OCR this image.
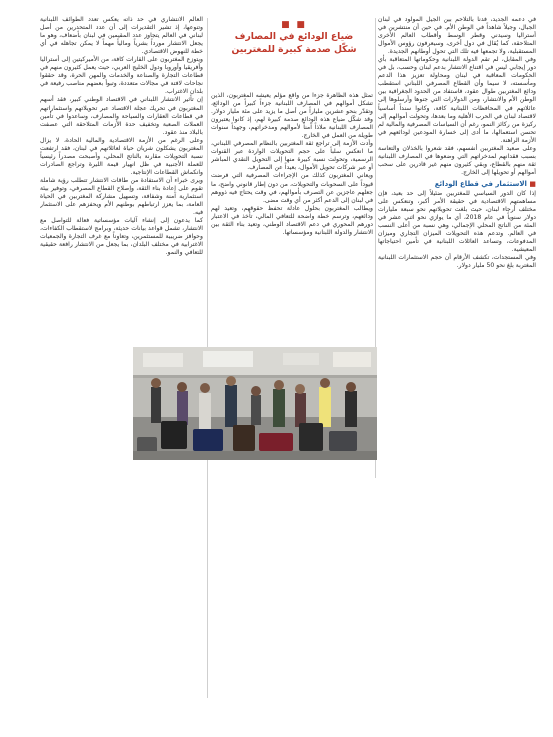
■ ■
ضياع الودائع في المصارف
شكّل صدمة كبيرة للمغتربين

في دعمه الجديد، فدنا بالتلاحم بين الجيل المولود في لبنان الجبال، وجيلاً شاهداً في الوطن الأم. في حين أن منتشرين في أستراليا وسيدني وقطر الوسط وأقطاب العالم الأخرى المتلاحقة، كما يُقال في دول أخرى، وسيعرفون رؤوس الأموال المستقبلية، ولا تجمعها فيه تلك التي تحول أوطانهم الجديدة.

وفي المقابل، لم تقم الدولة اللبنانية وحكوماتها المتعاقبة بأي دور إيجابي ليس في اقتناع الانتشار بدعم لبنان وحسب، بل في الحكومات المعاقبة في لبنان ومحاولة تعزيز هذا الدعم ومأسسته، لا سيما وأن القطاع المصرفي اللبناني استقطب ودائع المغتربين طوال عقود، فاستفاد من الحدود الجغرافية بين الوطن الأم والانتشار، ومن الدولارات التي جنوها وأرسلوها إلى عائلاتهم في المحافظات اللبنانية كافة، وكانوا سنداً أساسياً لاقتصاد لبنان في الحرب الأهلية وما بعدها، وتحولت أموالهم إلى ركيزة من ركائز النمو، رغم أن السياسات المصرفية والمالية لم تحسن استعمالها، ما أدى إلى خسارة المودعين لودائعهم في الأزمة الراهنة.

وعلى صعيد المغتربين أنفسهم، فقد شعروا بالخذلان والتعاسة بسبب فقدانهم لمدخراتهم التي وضعوها في المصارف اللبنانية ثقة منهم بالقطاع، وبقي كثيرون منهم غير قادرين على سحب أموالهم أو تحويلها إلى الخارج.

■ الاستثمار في قطاع الودائع

إذا كان الدور السياسي للمغتربين ضئيلاً إلى حد بعيد، فإن مساهمتهم الاقتصادية في حقيقة الأمر أكبر، وتنعكس على مختلف أرجاء لبنان، حيث بلغت تحويلاتهم نحو سبعة مليارات دولار سنوياً في عام 2018، أي ما يوازي نحو اثني عشر في المئة من الناتج المحلي الإجمالي، وهي نسبة من أعلى النسب في العالم. وتدعم هذه التحويلات الميزان التجاري وميزان المدفوعات، وتساعد العائلات اللبنانية في تأمين احتياجاتها المعيشية.

وفي المستجدات، تكشف الأرقام أن حجم الاستثمارات اللبنانية المغتربة بلغ نحو 50 مليار دولار.

تمثل هذه الظاهرة جزءاً من واقع مؤلم يعيشه المغتربون، الذين تشكل أموالهم في المصارف اللبنانية جزءاً كبيراً من الودائع، وتقدّر بنحو عشرين ملياراً من أصل ما يزيد على مئة مليار دولار. وقد شكّل ضياع هذه الودائع صدمة كبيرة لهم، إذ كانوا يعتبرون المصارف اللبنانية ملاذاً آمناً لأموالهم ومدخراتهم، وجهداً سنوات طويلة من العمل في الخارج.

وأدت الأزمة إلى تراجع ثقة المغتربين بالنظام المصرفي اللبناني، ما انعكس سلباً على حجم التحويلات الواردة عبر القنوات الرسمية، وتحولت نسبة كبيرة منها إلى التحويل النقدي المباشر أو عبر شركات تحويل الأموال، بعيداً عن المصارف.

ويعاني المغتربون كذلك من الإجراءات المصرفية التي فرضت قيوداً على السحوبات والتحويلات، من دون إطار قانوني واضح، ما جعلهم عاجزين عن التصرف بأموالهم، في وقت يحتاج فيه ذووهم في لبنان إلى الدعم أكثر من أي وقت مضى.

ويطالب المغتربون بحلول عادلة تحفظ حقوقهم، وتعيد لهم ودائعهم، وترسم خطة واضحة للتعافي المالي، تأخذ في الاعتبار دورهم المحوري في دعم الاقتصاد الوطني، وتعيد بناء الثقة بين الانتشار والدولة اللبنانية ومؤسساتها.

العالم الانتشاري في حد ذاته يعكس تعدد الطوائف اللبنانية وتنوعها، إذ تشير التقديرات إلى أن عدد المتحدرين من أصل لبناني في العالم يتجاوز عدد المقيمين في لبنان بأضعاف، وهو ما يجعل الانتشار مورداً بشرياً ومالياً مهماً لا يمكن تجاهله في أي خطة للنهوض الاقتصادي.

ويتوزع المغتربون على القارات كافة، من الأميركيتين إلى أستراليا وأفريقيا وأوروبا ودول الخليج العربي، حيث يعمل كثيرون منهم في قطاعات التجارة والصناعة والخدمات والمهن الحرة، وقد حققوا نجاحات لافتة في مجالات متعددة، وتبوأ بعضهم مناصب رفيعة في بلدان الاغتراب.

إن تأثير الانتشار اللبناني في الاقتصاد الوطني كبير، فقد أسهم المغتربون في تحريك عجلة الاقتصاد عبر تحويلاتهم واستثماراتهم في قطاعات العقارات والسياحة والمصارف، وساعدوا في تأمين العملات الصعبة وتخفيف حدة الأزمات المتلاحقة التي عصفت بالبلاد منذ عقود.

وعلى الرغم من الأزمة الاقتصادية والمالية الحادة، لا يزال المغتربون يشكلون شريان حياة لعائلاتهم في لبنان، فقد ارتفعت نسبة التحويلات مقارنة بالناتج المحلي، وأصبحت مصدراً رئيسياً للعملة الأجنبية في ظل انهيار قيمة الليرة وتراجع الصادرات وانكماش القطاعات الإنتاجية.

ويرى خبراء أن الاستفادة من طاقات الانتشار تتطلب رؤية شاملة تقوم على إعادة بناء الثقة، وإصلاح القطاع المصرفي، وتوفير بيئة استثمارية آمنة وشفافة، وتسهيل مشاركة المغتربين في الحياة العامة، بما يعزز ارتباطهم بوطنهم الأم ويحفزهم على الاستثمار فيه.

كما يدعون إلى إنشاء آليات مؤسساتية فعالة للتواصل مع الانتشار، تشمل قواعد بيانات حديثة، وبرامج لاستقطاب الكفاءات، وحوافز ضريبية للمستثمرين، وتعاوناً مع غرف التجارة والجمعيات الاغترابية في مختلف البلدان، بما يجعل من الانتشار رافعة حقيقية للتعافي والنمو.
